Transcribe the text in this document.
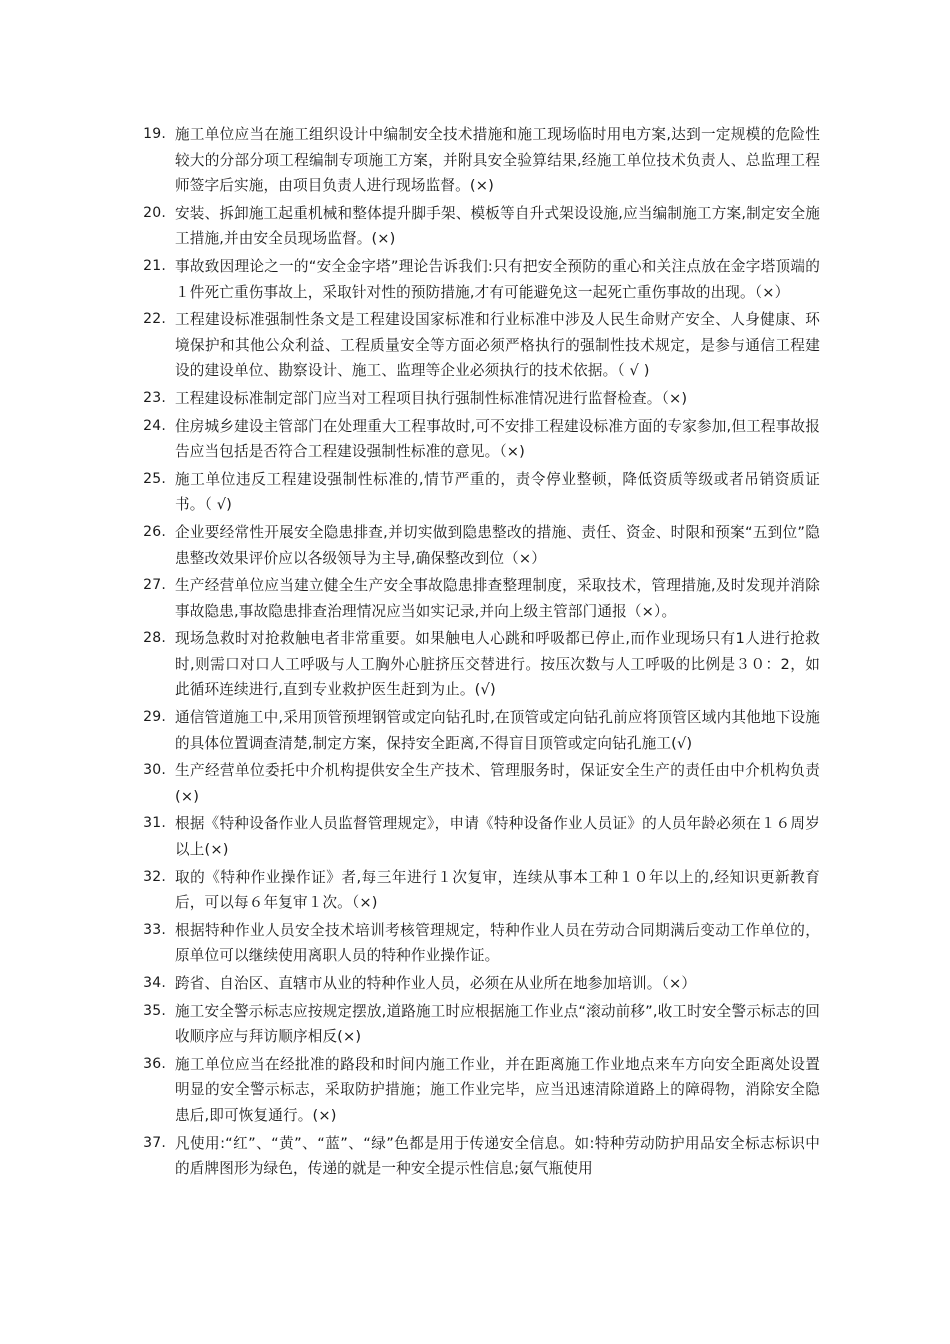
19. 施工单位应当在施工组织设计中编制安全技术措施和施工现场临时用电方案,达到一定规模的危险性较大的分部分项工程编制专项施工方案，并附具安全验算结果,经施工单位技术负责人、总监理工程师签字后实施，由项目负责人进行现场监督。(×)
20. 安装、拆卸施工起重机械和整体提升脚手架、模板等自升式架设设施,应当编制施工方案,制定安全施工措施,并由安全员现场监督。(×)
21. 事故致因理论之一的“安全金字塔”理论告诉我们:只有把安全预防的重心和关注点放在金字塔顶端的１件死亡重伤事故上，采取针对性的预防措施,才有可能避免这一起死亡重伤事故的出现。（×）
22. 工程建设标准强制性条文是工程建设国家标准和行业标准中涉及人民生命财产安全、人身健康、环境保护和其他公众利益、工程质量安全等方面必须严格执行的强制性技术规定，是参与通信工程建设的建设单位、勘察设计、施工、监理等企业必须执行的技术依据。（ √ )
23. 工程建设标准制定部门应当对工程项目执行强制性标准情况进行监督检查。（×)
24. 住房城乡建设主管部门在处理重大工程事故时,可不安排工程建设标准方面的专家参加,但工程事故报告应当包括是否符合工程建设强制性标准的意见。（×)
25. 施工单位违反工程建设强制性标准的,情节严重的，责令停业整顿，降低资质等级或者吊销资质证书。（ √)
26. 企业要经常性开展安全隐患排查,并切实做到隐患整改的措施、责任、资金、时限和预案“五到位”隐患整改效果评价应以各级领导为主导,确保整改到位（×）
27. 生产经营单位应当建立健全生产安全事故隐患排查整理制度，采取技术，管理措施,及时发现并消除事故隐患,事故隐患排查治理情况应当如实记录,并向上级主管部门通报（×）。
28. 现场急救时对抢救触电者非常重要。如果触电人心跳和呼吸都已停止,而作业现场只有1人进行抢救时,则需口对口人工呼吸与人工胸外心脏挤压交替进行。按压次数与人工呼吸的比例是３０：2，如此循环连续进行,直到专业救护医生赶到为止。(√)
29. 通信管道施工中,采用顶管预埋钢管或定向钻孔时,在顶管或定向钻孔前应将顶管区域内其他地下设施的具体位置调查清楚,制定方案，保持安全距离,不得盲目顶管或定向钻孔施工(√)
30. 生产经营单位委托中介机构提供安全生产技术、管理服务时，保证安全生产的责任由中介机构负责(×)
31. 根据《特种设备作业人员监督管理规定》，申请《特种设备作业人员证》的人员年龄必须在１６周岁以上(×)
32. 取的《特种作业操作证》者,每三年进行１次复审，连续从事本工种１０年以上的,经知识更新教育后，可以每６年复审１次。（×)
33. 根据特种作业人员安全技术培训考核管理规定，特种作业人员在劳动合同期满后变动工作单位的，原单位可以继续使用离职人员的特种作业操作证。
34. 跨省、自治区、直辖市从业的特种作业人员，必须在从业所在地参加培训。（×）
35. 施工安全警示标志应按规定摆放,道路施工时应根据施工作业点“滚动前移”,收工时安全警示标志的回收顺序应与拜访顺序相反(×)
36. 施工单位应当在经批准的路段和时间内施工作业，并在距离施工作业地点来车方向安全距离处设置明显的安全警示标志，采取防护措施；施工作业完毕，应当迅速清除道路上的障碍物，消除安全隐患后,即可恢复通行。(×)
37. 凡使用:“红”、“黄”、“蓝”、“绿”色都是用于传递安全信息。如:特种劳动防护用品安全标志标识中的盾牌图形为绿色，传递的就是一种安全提示性信息;氨气瓶使用
